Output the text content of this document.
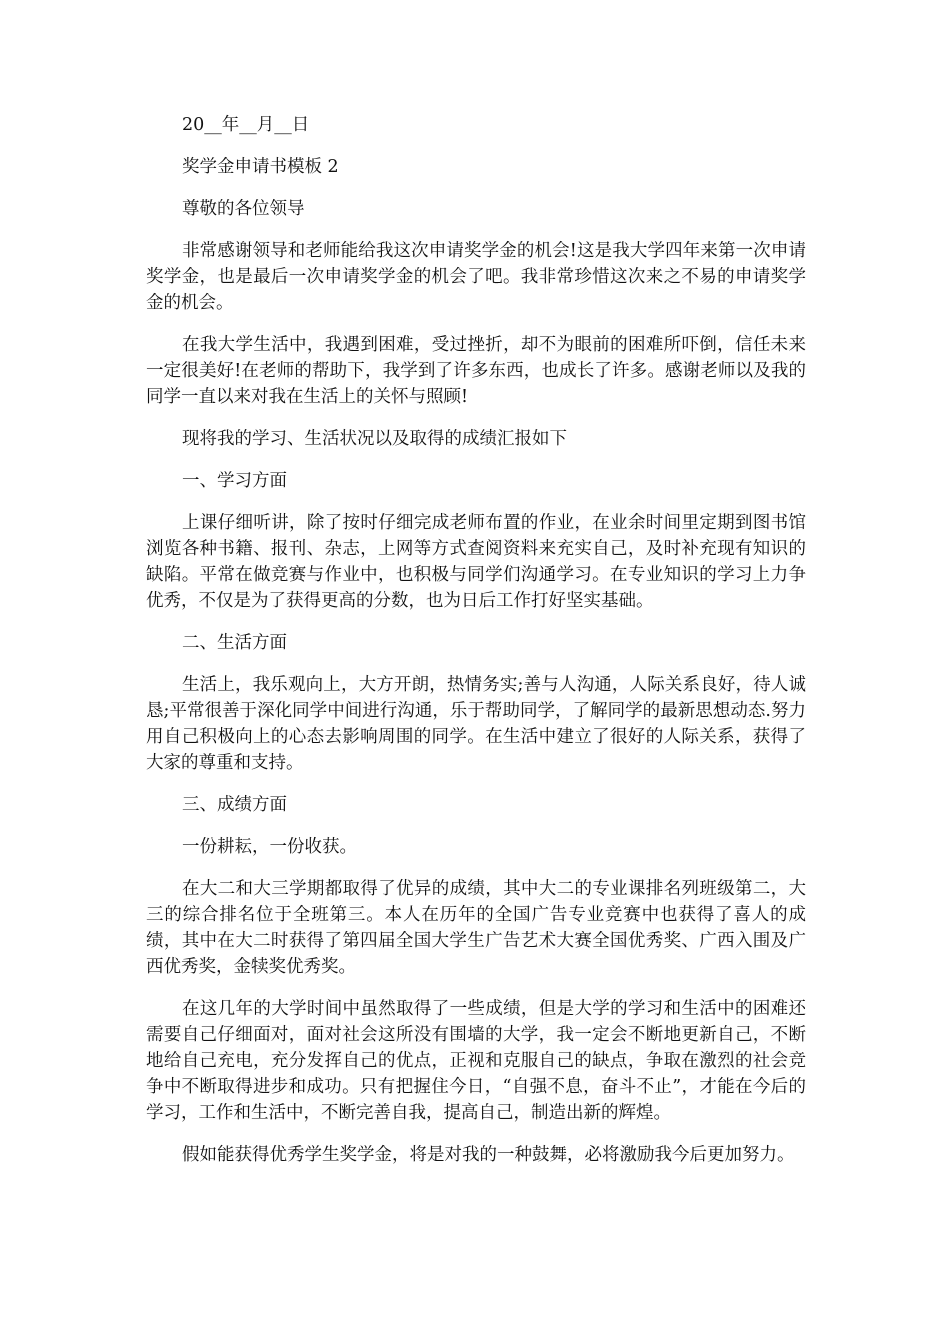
20__年__月__日

奖学金申请书模板 2

尊敬的各位领导

非常感谢领导和老师能给我这次申请奖学金的机会!这是我大学四年来第一次申请奖学金，也是最后一次申请奖学金的机会了吧。我非常珍惜这次来之不易的申请奖学金的机会。

在我大学生活中，我遇到困难，受过挫折，却不为眼前的困难所吓倒，信任未来一定很美好!在老师的帮助下，我学到了许多东西，也成长了许多。感谢老师以及我的同学一直以来对我在生活上的关怀与照顾!

现将我的学习、生活状况以及取得的成绩汇报如下

一、学习方面

上课仔细听讲，除了按时仔细完成老师布置的作业，在业余时间里定期到图书馆浏览各种书籍、报刊、杂志，上网等方式查阅资料来充实自己，及时补充现有知识的缺陷。平常在做竞赛与作业中，也积极与同学们沟通学习。在专业知识的学习上力争优秀，不仅是为了获得更高的分数，也为日后工作打好坚实基础。

二、生活方面

生活上，我乐观向上，大方开朗，热情务实;善与人沟通，人际关系良好，待人诚恳;平常很善于深化同学中间进行沟通，乐于帮助同学，了解同学的最新思想动态.努力用自己积极向上的心态去影响周围的同学。在生活中建立了很好的人际关系，获得了大家的尊重和支持。

三、成绩方面

一份耕耘，一份收获。

在大二和大三学期都取得了优异的成绩，其中大二的专业课排名列班级第二，大三的综合排名位于全班第三。本人在历年的全国广告专业竞赛中也获得了喜人的成绩，其中在大二时获得了第四届全国大学生广告艺术大赛全国优秀奖、广西入围及广西优秀奖，金犊奖优秀奖。

在这几年的大学时间中虽然取得了一些成绩，但是大学的学习和生活中的困难还需要自己仔细面对，面对社会这所没有围墙的大学，我一定会不断地更新自己，不断地给自己充电，充分发挥自己的优点，正视和克服自己的缺点，争取在激烈的社会竞争中不断取得进步和成功。只有把握住今日，“自强不息，奋斗不止”，才能在今后的学习，工作和生活中，不断完善自我，提高自己，制造出新的辉煌。

假如能获得优秀学生奖学金，将是对我的一种鼓舞，必将激励我今后更加努力。
